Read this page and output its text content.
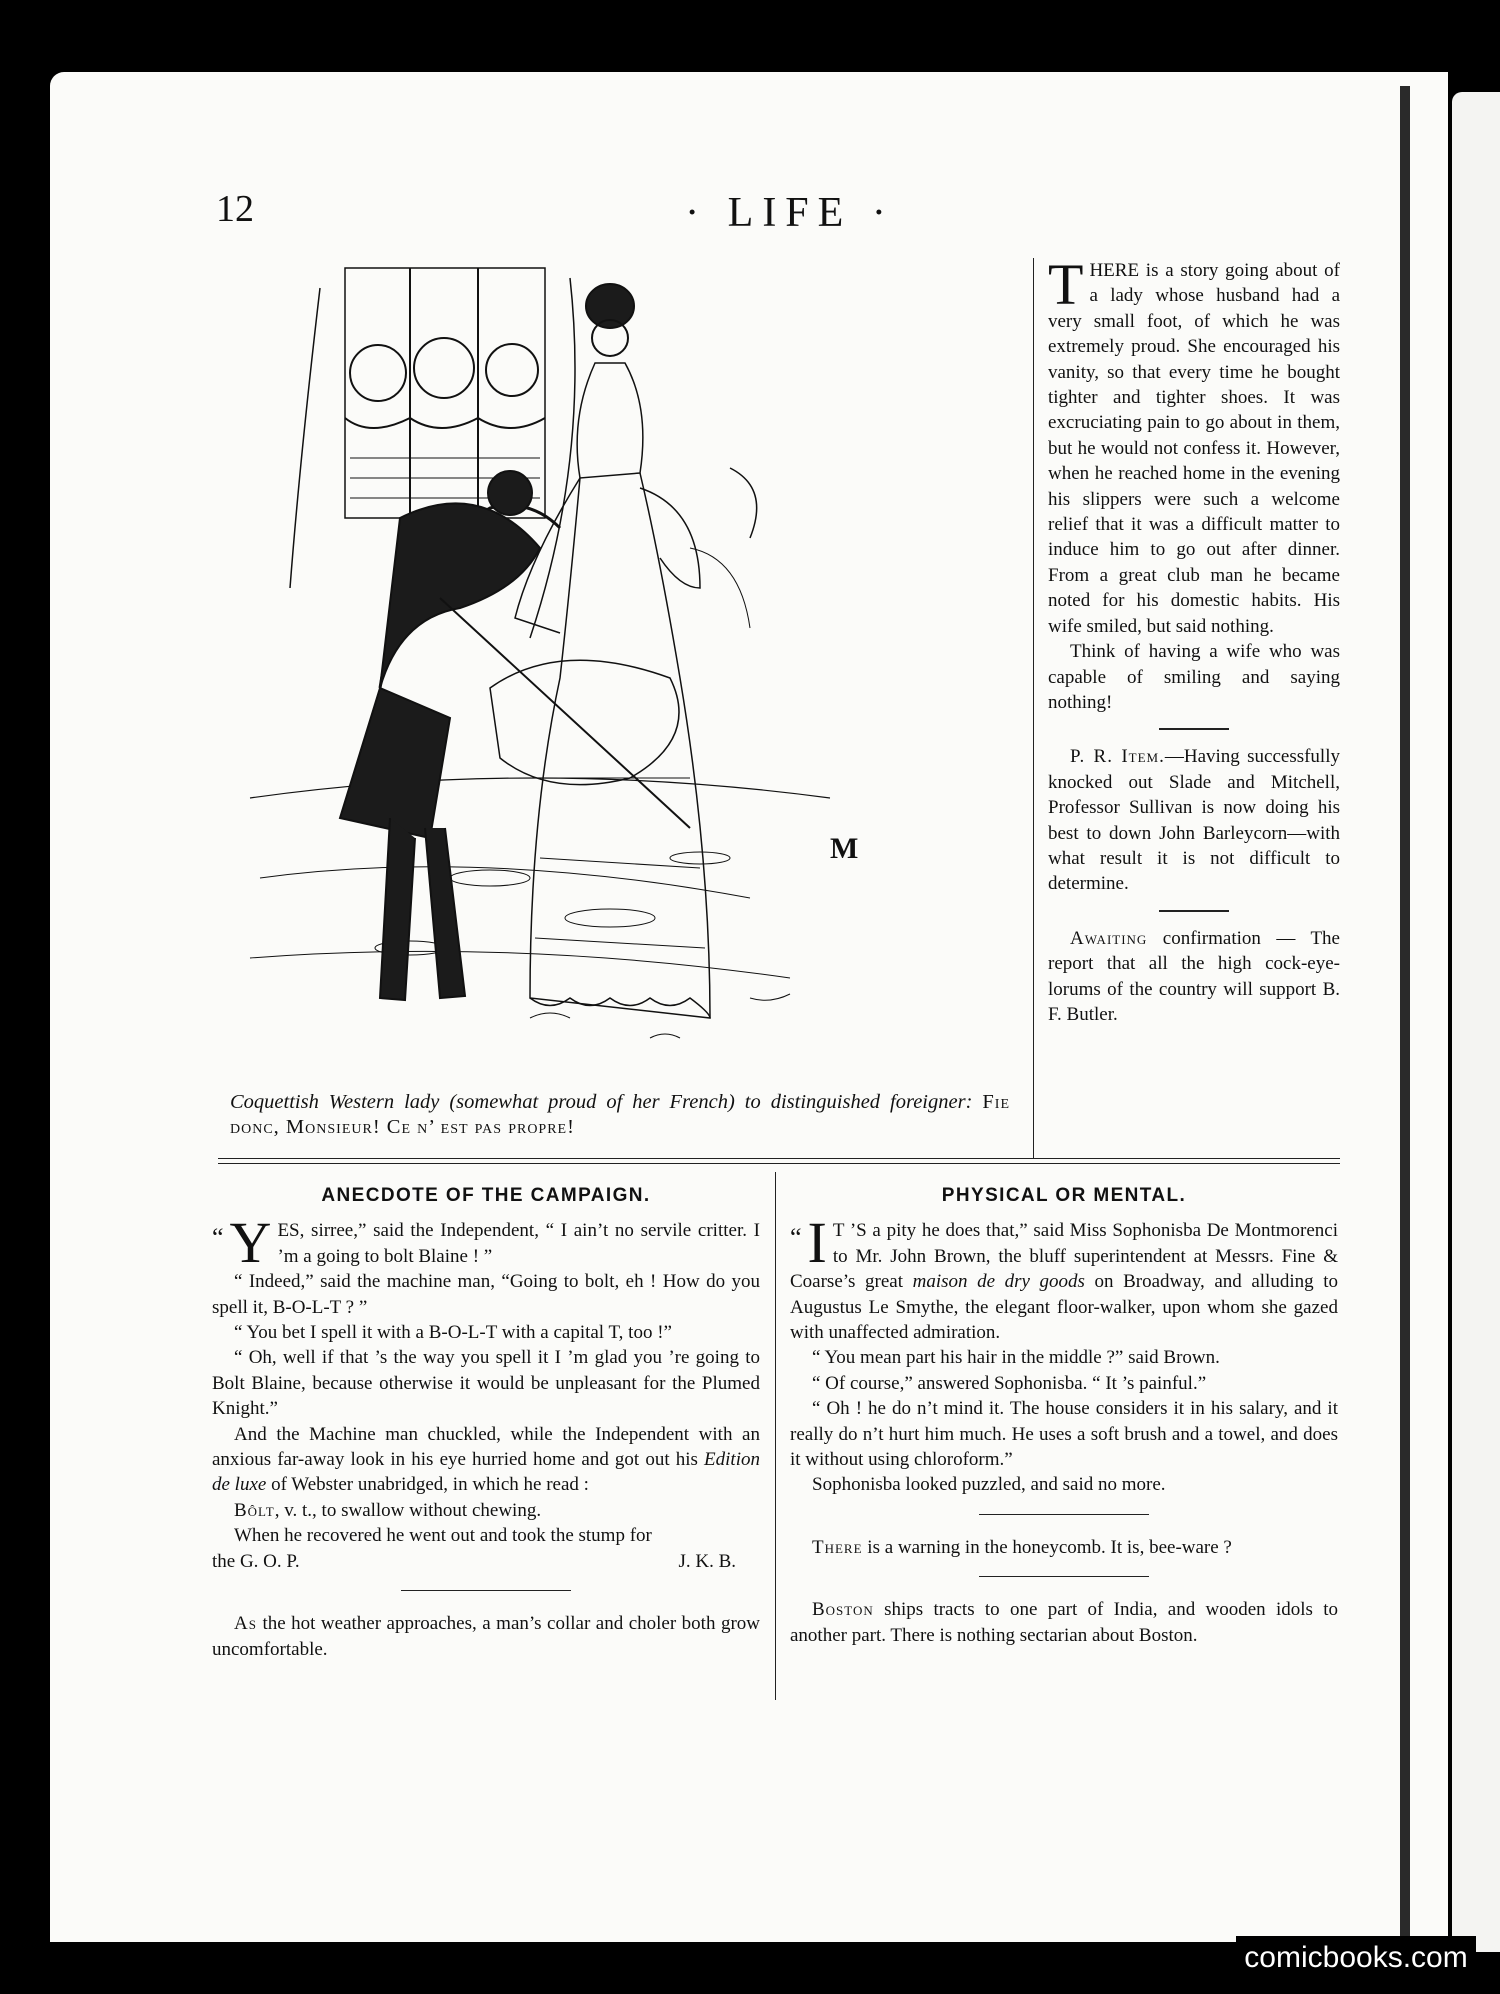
12	· LIFE ·
M
Coquettish Western lady (somewhat proud of her French) to distinguished foreigner: Fie donc, Monsieur! Ce n’ est pas propre!

THERE is a story going about of a lady whose husband had a very small foot, of which he was extremely proud. She encouraged his vanity, so that every time he bought tighter and tighter shoes. It was excruciating pain to go about in them, but he would not confess it. However, when he reached home in the evening his slippers were such a welcome relief that it was a difficult matter to induce him to go out after dinner. From a great club man he became noted for his domestic habits. His wife smiled, but said nothing.

Think of having a wife who was capable of smiling and saying nothing!

P. R. Item.—Having successfully knocked out Slade and Mitchell, Professor Sullivan is now doing his best to down John Barleycorn—with what result it is not difficult to determine.

Awaiting confirmation — The report that all the high cock-eye-lorums of the country will support B. F. Butler.

ANECDOTE OF THE CAMPAIGN.

“ Y ES, sirree,” said the Independent, “ I ain’t no servile critter. I ’m a going to bolt Blaine ! ”

“ Indeed,” said the machine man, “Going to bolt, eh ! How do you spell it, B-O-L-T ? ”

“ You bet I spell it with a B-O-L-T with a capital T, too !”

“ Oh, well if that ’s the way you spell it I ’m glad you ’re going to Bolt Blaine, because otherwise it would be unpleasant for the Plumed Knight.”

And the Machine man chuckled, while the Independent with an anxious far-away look in his eye hurried home and got out his Edition de luxe of Webster unabridged, in which he read :

Bôlt, v. t., to swallow without chewing.

When he recovered he went out and took the stump for

the G. O. P.	J. K. B.

As the hot weather approaches, a man’s collar and choler both grow uncomfortable.

PHYSICAL OR MENTAL.

“ I T ’S a pity he does that,” said Miss Sophonisba De Montmorenci to Mr. John Brown, the bluff superintendent at Messrs. Fine & Coarse’s great maison de dry goods on Broadway, and alluding to Augustus Le Smythe, the elegant floor-walker, upon whom she gazed with unaffected admiration.

“ You mean part his hair in the middle ?” said Brown.

“ Of course,” answered Sophonisba. “ It ’s painful.”

“ Oh ! he do n’t mind it. The house considers it in his salary, and it really do n’t hurt him much. He uses a soft brush and a towel, and does it without using chloroform.”

Sophonisba looked puzzled, and said no more.

There is a warning in the honeycomb. It is, bee-ware ?

Boston ships tracts to one part of India, and wooden idols to another part. There is nothing sectarian about Boston.

comicbooks.com
